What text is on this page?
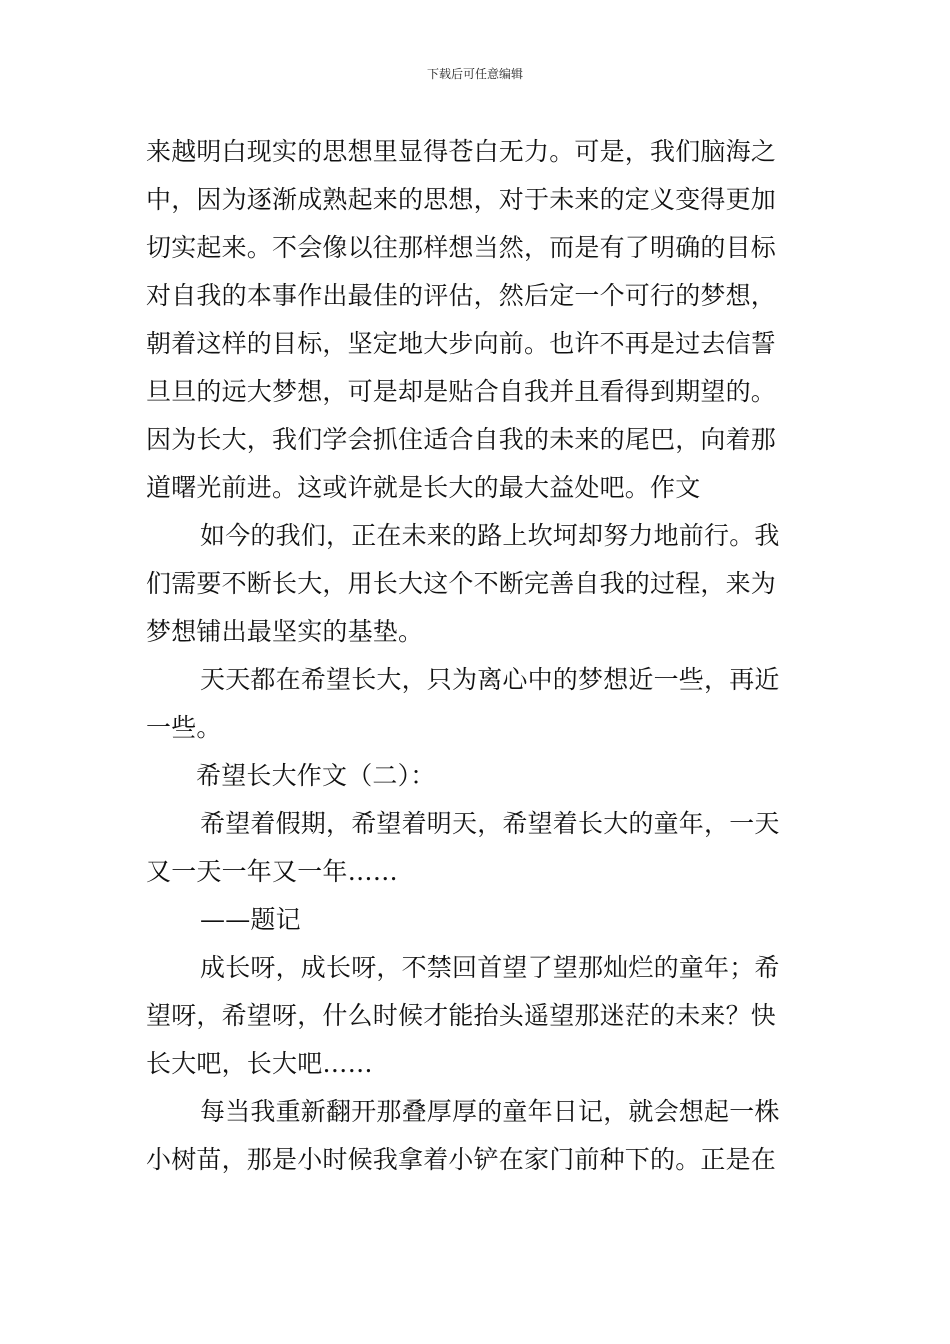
下载后可任意编辑
来越明白现实的思想里显得苍白无力。可是，我们脑海之
中，因为逐渐成熟起来的思想，对于未来的定义变得更加
切实起来。不会像以往那样想当然，而是有了明确的目标
对自我的本事作出最佳的评估，然后定一个可行的梦想，
朝着这样的目标，坚定地大步向前。也许不再是过去信誓
旦旦的远大梦想，可是却是贴合自我并且看得到期望的。
因为长大，我们学会抓住适合自我的未来的尾巴，向着那
道曙光前进。这或许就是长大的最大益处吧。作文
如今的我们，正在未来的路上坎坷却努力地前行。我
们需要不断长大，用长大这个不断完善自我的过程，来为
梦想铺出最坚实的基垫。
天天都在希望长大，只为离心中的梦想近一些，再近
一些。
希望长大作文（二）：
希望着假期，希望着明天，希望着长大的童年，一天
又一天一年又一年……
——题记
成长呀，成长呀，不禁回首望了望那灿烂的童年；希
望呀，希望呀，什么时候才能抬头遥望那迷茫的未来？快
长大吧，长大吧……
每当我重新翻开那叠厚厚的童年日记，就会想起一株
小树苗，那是小时候我拿着小铲在家门前种下的。正是在
